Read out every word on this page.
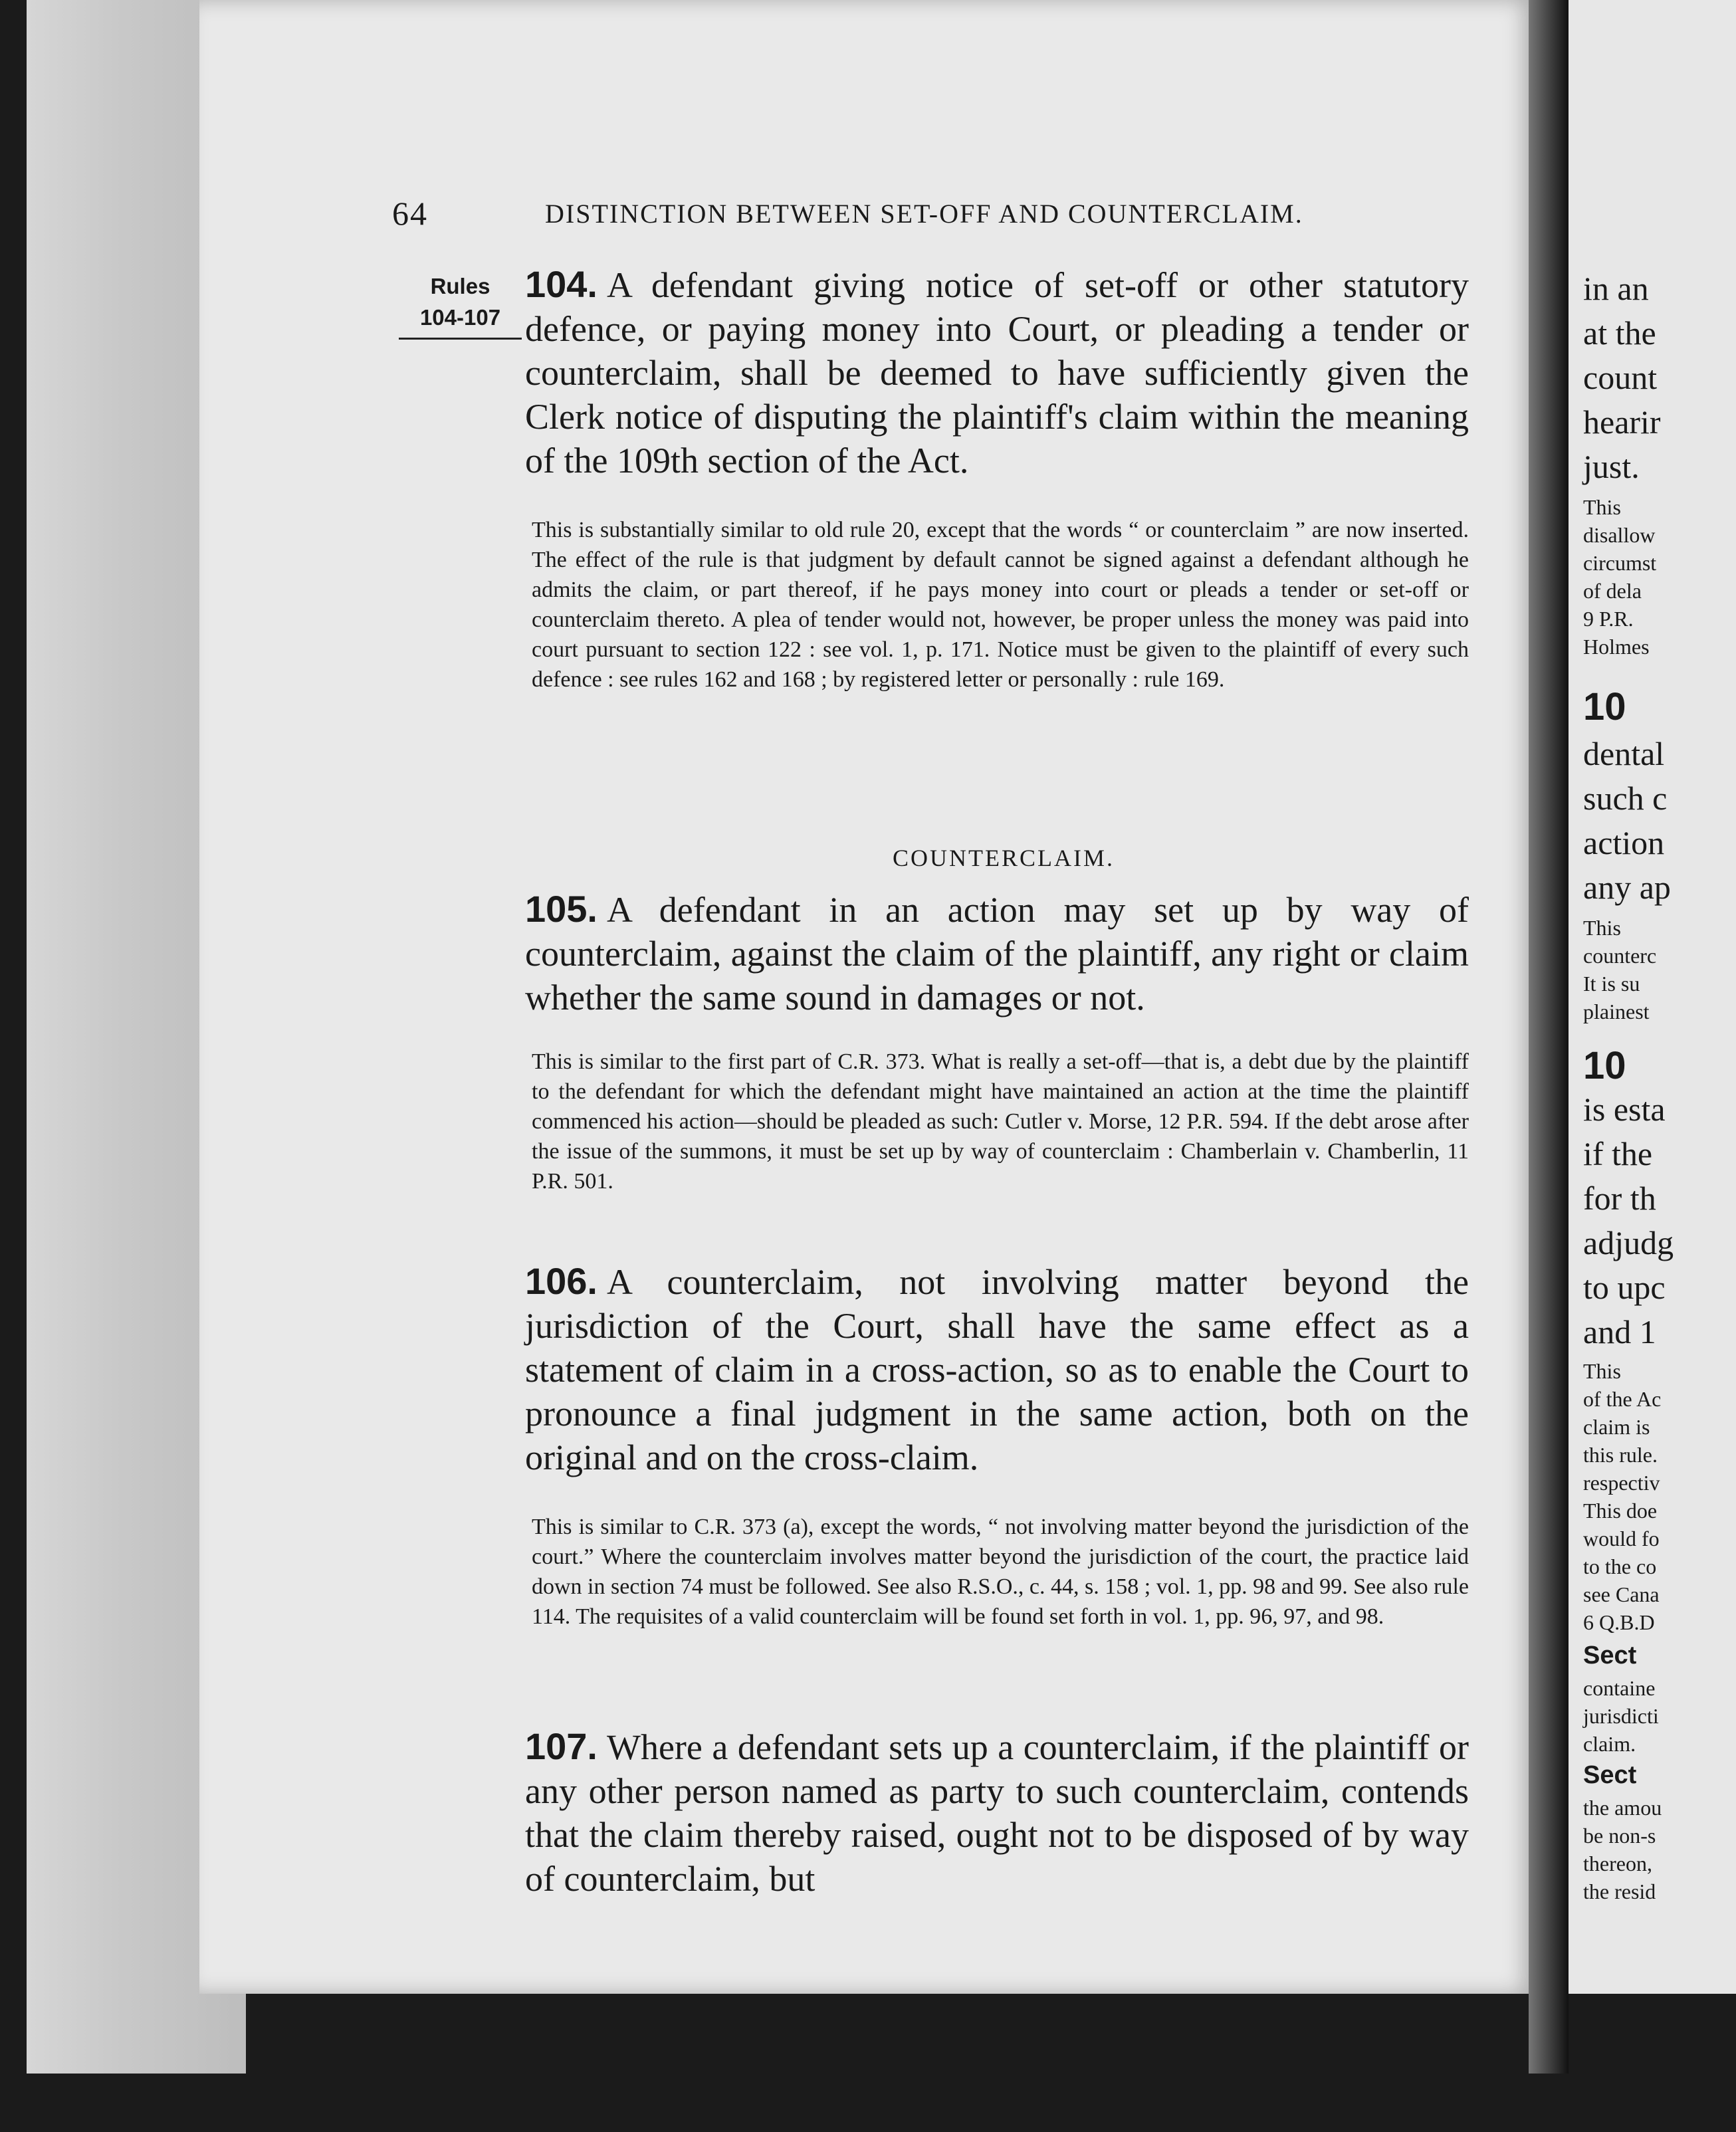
64	DISTINCTION BETWEEN SET-OFF AND COUNTERCLAIM.
Rules
104-107
104. A defendant giving notice of set-off or other statutory defence, or paying money into Court, or pleading a tender or counterclaim, shall be deemed to have sufficiently given the Clerk notice of disputing the plaintiff's claim within the meaning of the 109th section of the Act.
This is substantially similar to old rule 20, except that the words “ or counterclaim ” are now inserted. The effect of the rule is that judgment by default cannot be signed against a defendant although he admits the claim, or part thereof, if he pays money into court or pleads a tender or set-off or counterclaim thereto. A plea of tender would not, however, be proper unless the money was paid into court pursuant to section 122 : see vol. 1, p. 171. Notice must be given to the plaintiff of every such defence : see rules 162 and 168 ; by registered letter or personally : rule 169.
COUNTERCLAIM.
105. A defendant in an action may set up by way of counterclaim, against the claim of the plaintiff, any right or claim whether the same sound in damages or not.
This is similar to the first part of C.R. 373. What is really a set-off—that is, a debt due by the plaintiff to the defendant for which the defendant might have maintained an action at the time the plaintiff commenced his action—should be pleaded as such: Cutler v. Morse, 12 P.R. 594. If the debt arose after the issue of the summons, it must be set up by way of counterclaim : Chamberlain v. Chamberlin, 11 P.R. 501.
106. A counterclaim, not involving matter beyond the jurisdiction of the Court, shall have the same effect as a statement of claim in a cross-action, so as to enable the Court to pronounce a final judgment in the same action, both on the original and on the cross-claim.
This is similar to C.R. 373 (a), except the words, “ not involving matter beyond the jurisdiction of the court.” Where the counterclaim involves matter beyond the jurisdiction of the court, the practice laid down in section 74 must be followed. See also R.S.O., c. 44, s. 158 ; vol. 1, pp. 98 and 99. See also rule 114. The requisites of a valid counterclaim will be found set forth in vol. 1, pp. 96, 97, and 98.
107. Where a defendant sets up a counterclaim, if the plaintiff or any other person named as party to such counterclaim, contends that the claim thereby raised, ought not to be disposed of by way of counterclaim, but
in an
at the
count
hearir
just.
This
disallow
circumst
of dela
9 P.R.
Holmes
10
dental
such c
action
any ap
This
counterc
It is su
plainest
10
is esta
if the
for th
adjudg
to upc
and 1
This
of the Ac
claim is
this rule.
respectiv
This doe
would fo
to the co
see Cana
6 Q.B.D
Sect
containe
jurisdicti
claim.
Sect
the amou
be non-s
thereon,
the resid
